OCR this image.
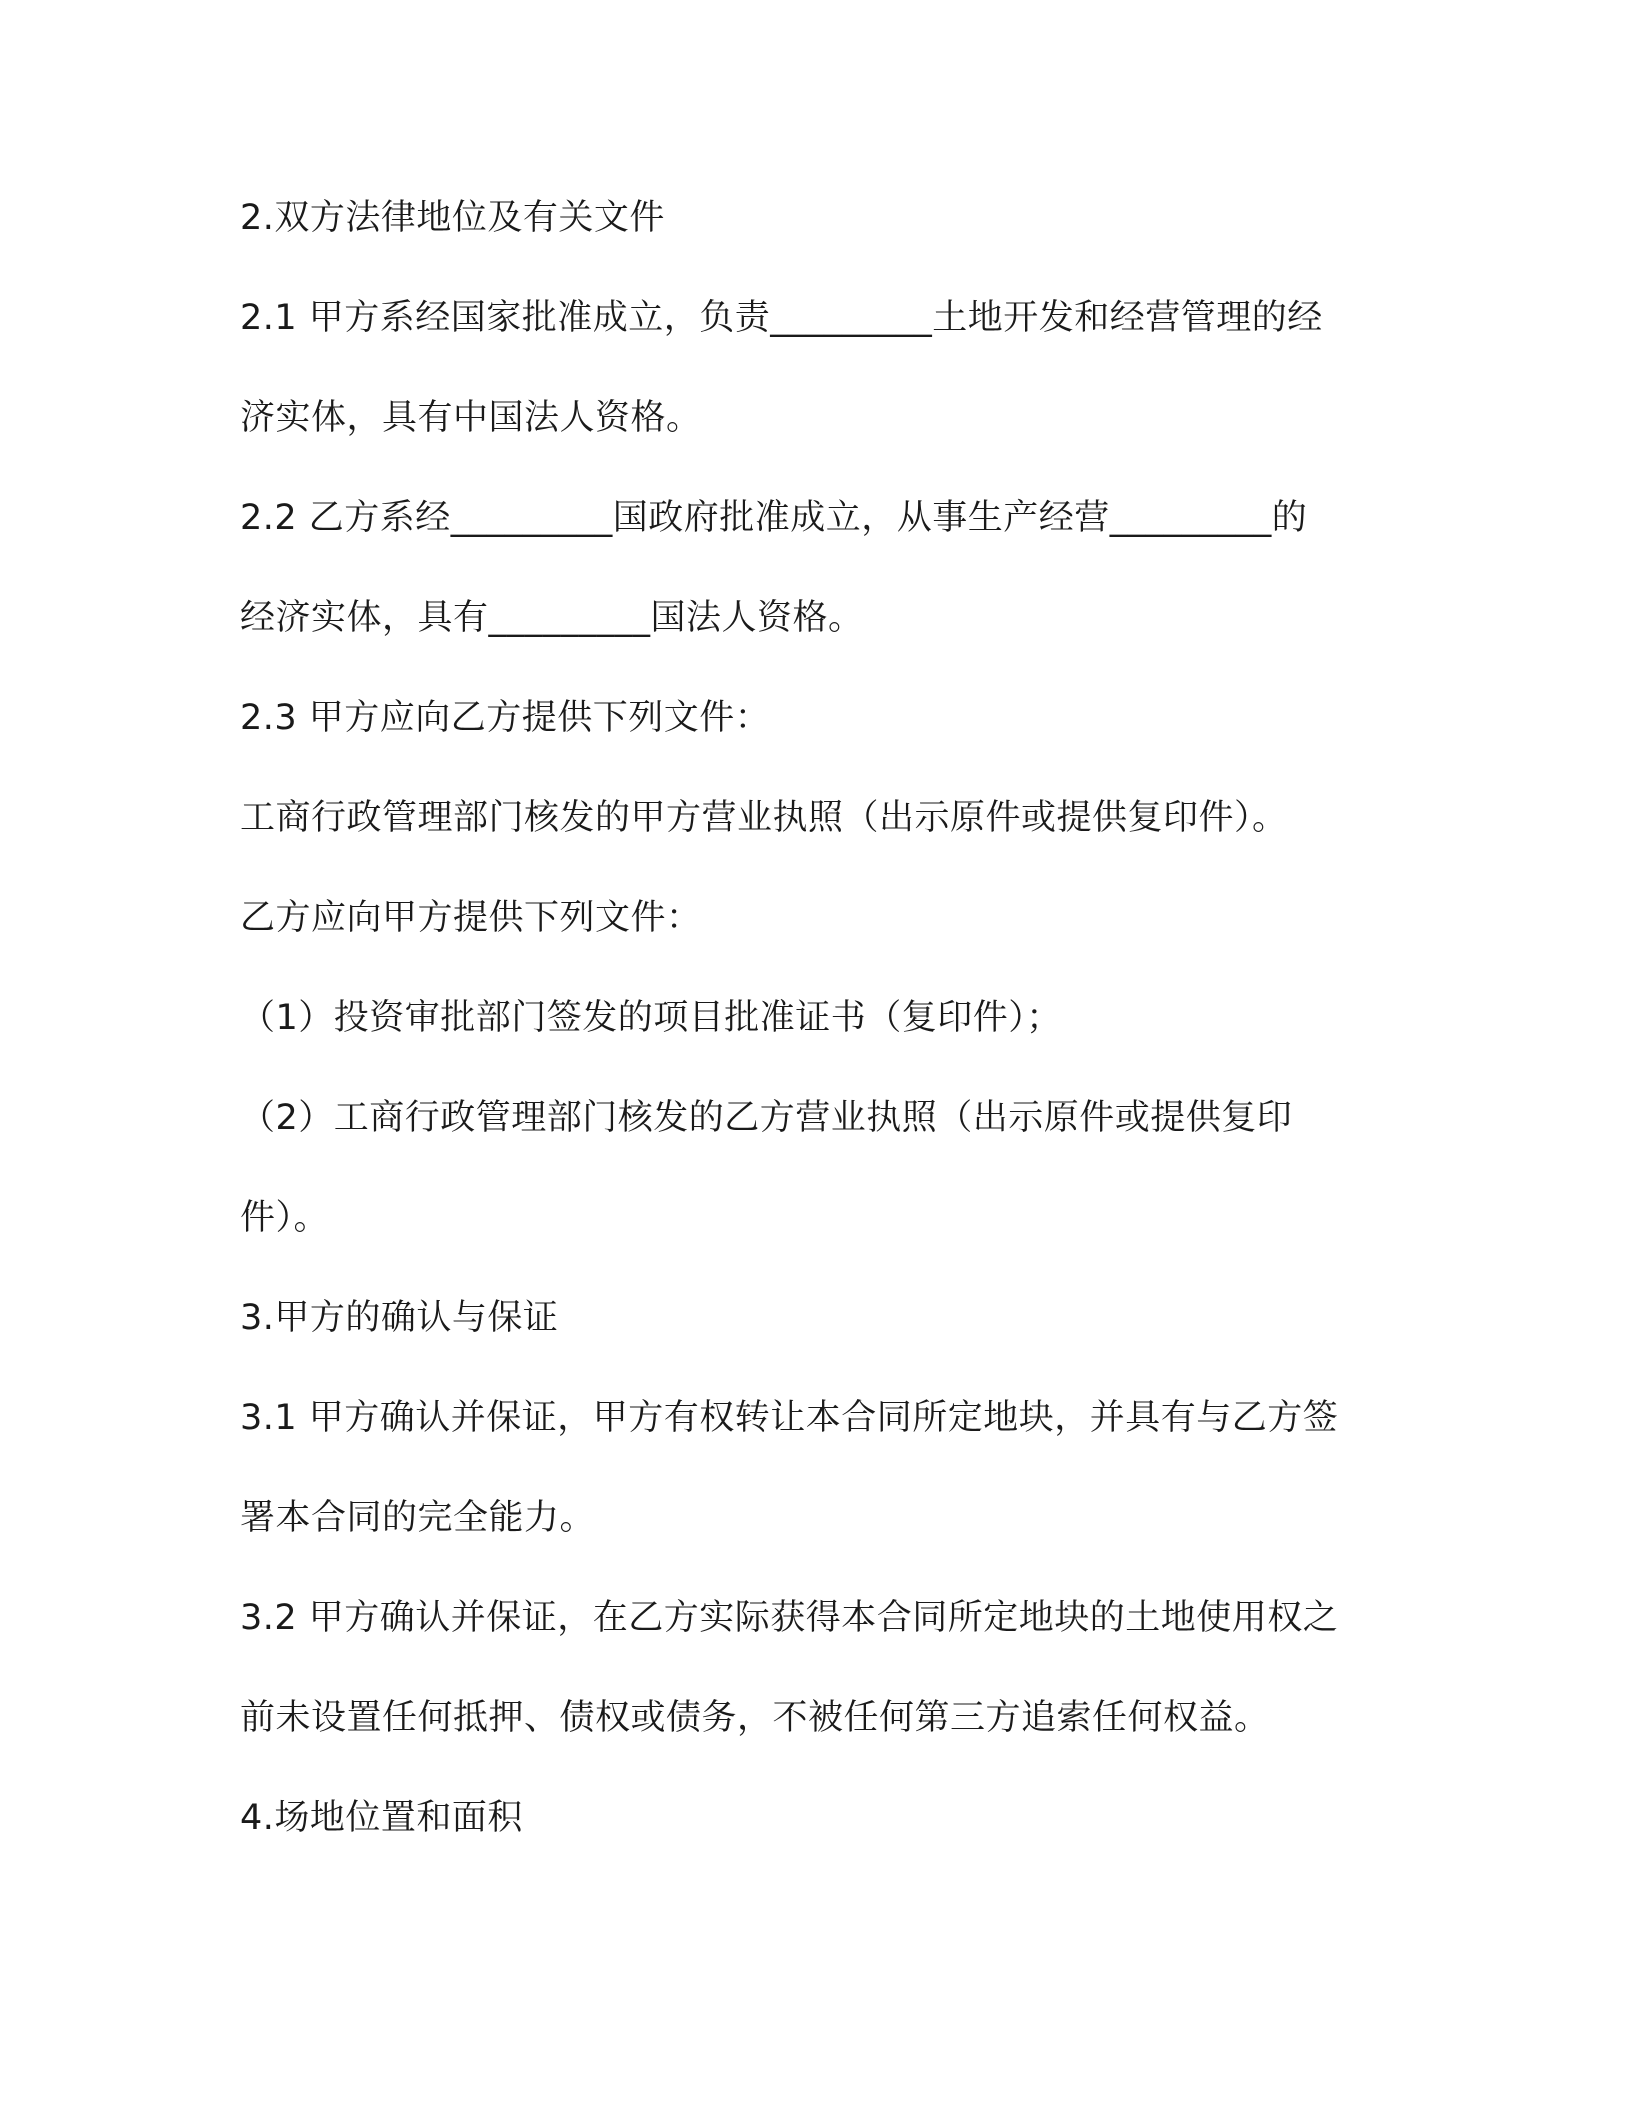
2.双方法律地位及有关文件
2.1 甲方系经国家批准成立，负责_________土地开发和经营管理的经
济实体，具有中国法人资格。
2.2 乙方系经_________国政府批准成立，从事生产经营_________的
经济实体，具有_________国法人资格。
2.3 甲方应向乙方提供下列文件：
工商行政管理部门核发的甲方营业执照（出示原件或提供复印件）。
乙方应向甲方提供下列文件：
（1）投资审批部门签发的项目批准证书（复印件）；
（2）工商行政管理部门核发的乙方营业执照（出示原件或提供复印
件）。
3.甲方的确认与保证
3.1 甲方确认并保证，甲方有权转让本合同所定地块，并具有与乙方签
署本合同的完全能力。
3.2 甲方确认并保证，在乙方实际获得本合同所定地块的土地使用权之
前未设置任何抵押、债权或债务，不被任何第三方追索任何权益。
4.场地位置和面积
